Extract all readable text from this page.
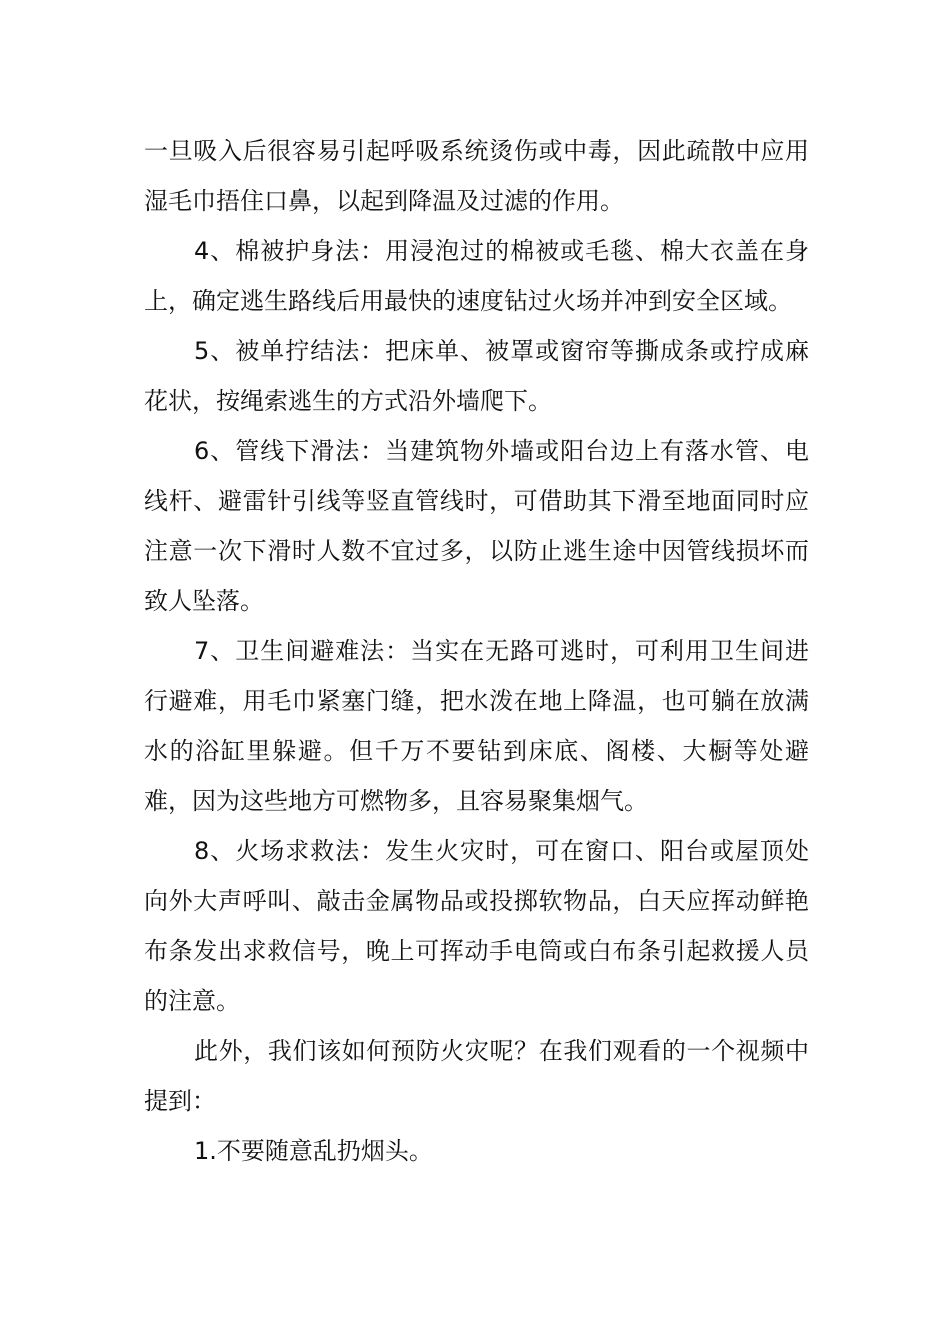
一旦吸入后很容易引起呼吸系统烫伤或中毒，因此疏散中应用湿毛巾捂住口鼻，以起到降温及过滤的作用。

4、棉被护身法：用浸泡过的棉被或毛毯、棉大衣盖在身上，确定逃生路线后用最快的速度钻过火场并冲到安全区域。

5、被单拧结法：把床单、被罩或窗帘等撕成条或拧成麻花状，按绳索逃生的方式沿外墙爬下。

6、管线下滑法：当建筑物外墙或阳台边上有落水管、电线杆、避雷针引线等竖直管线时，可借助其下滑至地面同时应注意一次下滑时人数不宜过多，以防止逃生途中因管线损坏而致人坠落。

7、卫生间避难法：当实在无路可逃时，可利用卫生间进行避难，用毛巾紧塞门缝，把水泼在地上降温，也可躺在放满水的浴缸里躲避。但千万不要钻到床底、阁楼、大橱等处避难，因为这些地方可燃物多，且容易聚集烟气。

8、火场求救法：发生火灾时，可在窗口、阳台或屋顶处向外大声呼叫、敲击金属物品或投掷软物品，白天应挥动鲜艳布条发出求救信号，晚上可挥动手电筒或白布条引起救援人员的注意。

此外，我们该如何预防火灾呢？在我们观看的一个视频中提到：

1.不要随意乱扔烟头。
